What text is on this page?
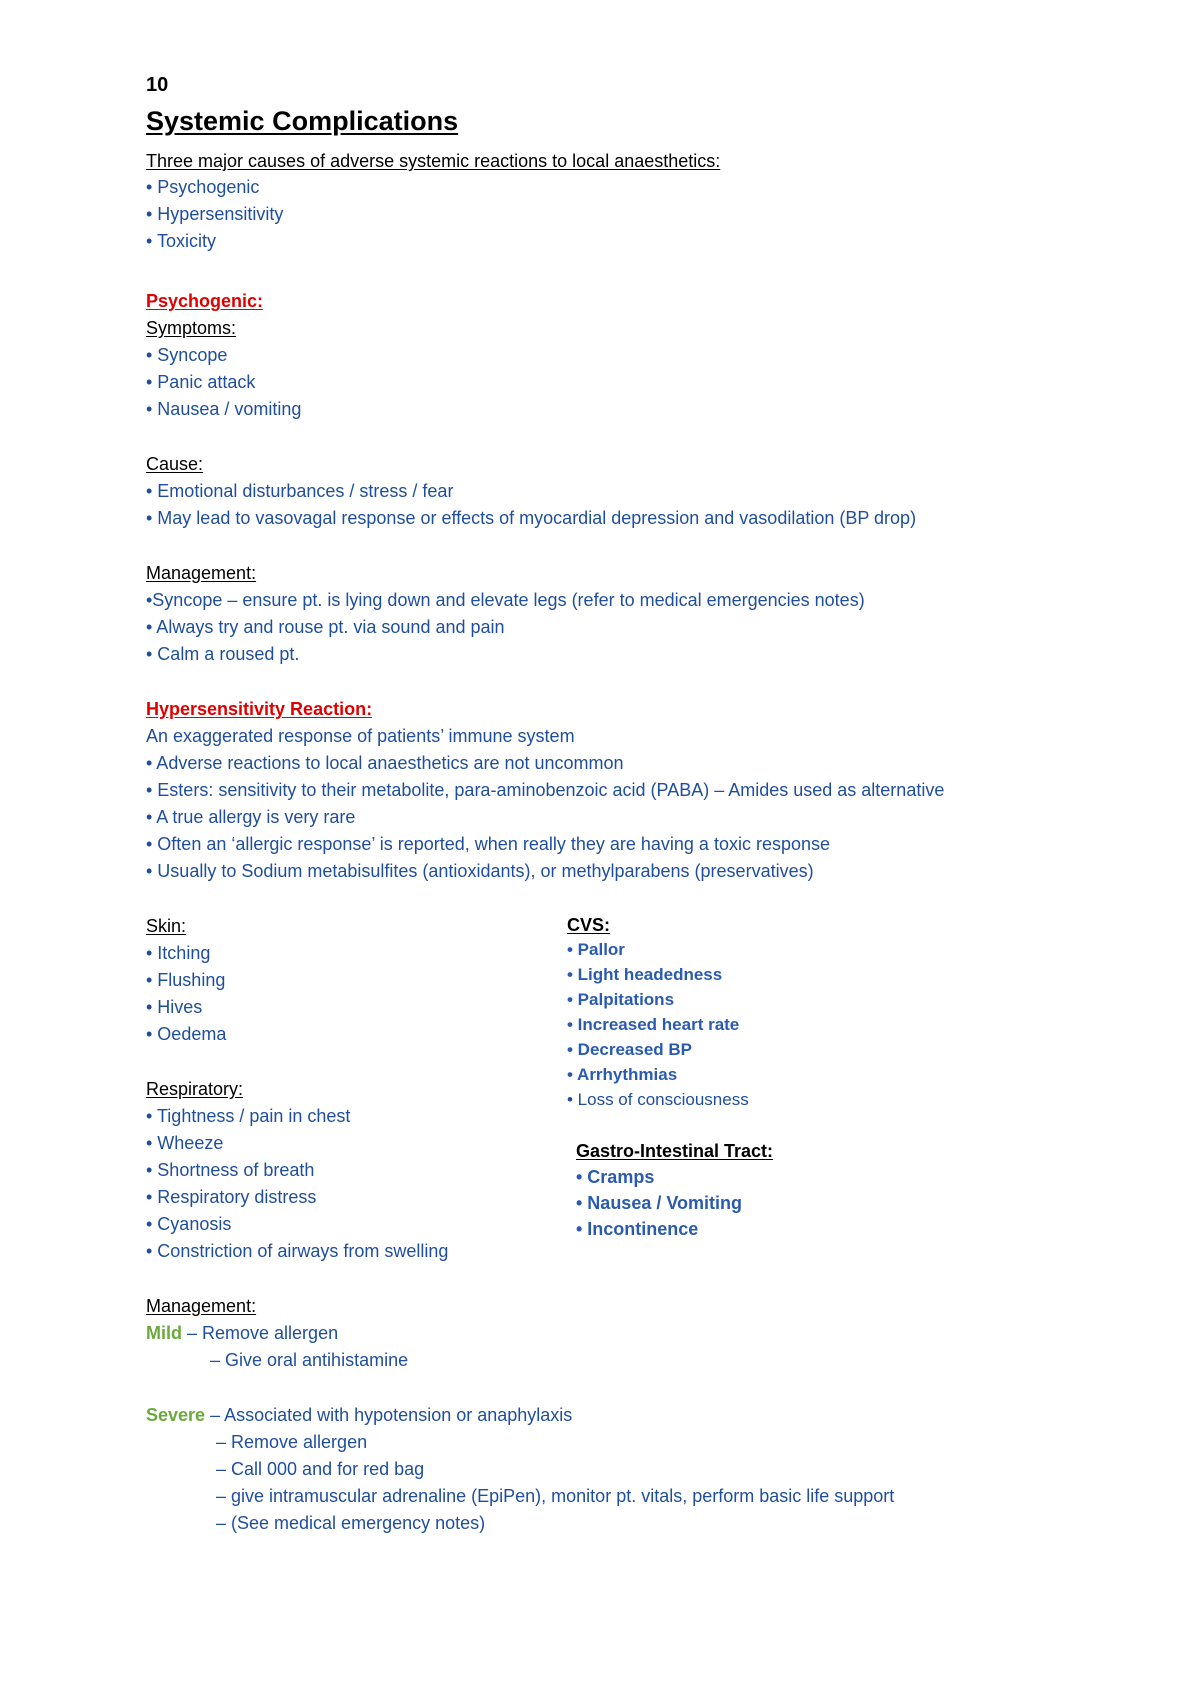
10
Systemic Complications
Three major causes of adverse systemic reactions to local anaesthetics:
• Psychogenic
• Hypersensitivity
• Toxicity
Psychogenic:
Symptoms:
• Syncope
• Panic attack
• Nausea / vomiting
Cause:
• Emotional disturbances / stress / fear
• May lead to vasovagal response or effects of myocardial depression and vasodilation (BP drop)
Management:
•Syncope – ensure pt. is lying down and elevate legs (refer to medical emergencies notes)
• Always try and rouse pt. via sound and pain
• Calm a roused pt.
Hypersensitivity Reaction:
An exaggerated response of patients’ immune system
• Adverse reactions to local anaesthetics are not uncommon
• Esters: sensitivity to their metabolite, para-aminobenzoic acid (PABA) – Amides used as alternative
• A true allergy is very rare
• Often an ‘allergic response’ is reported, when really they are having a toxic response
• Usually to Sodium metabisulfites (antioxidants), or methylparabens (preservatives)
Skin:
• Itching
• Flushing
• Hives
• Oedema
Respiratory:
• Tightness / pain in chest
• Wheeze
• Shortness of breath
• Respiratory distress
• Cyanosis
• Constriction of airways from swelling
CVS:
• Pallor
• Light headedness
• Palpitations
• Increased heart rate
• Decreased BP
• Arrhythmias
• Loss of consciousness
Gastro-Intestinal Tract:
• Cramps
• Nausea / Vomiting
• Incontinence
Management:
Mild – Remove allergen
– Give oral antihistamine
Severe – Associated with hypotension or anaphylaxis
– Remove allergen
– Call 000 and for red bag
– give intramuscular adrenaline (EpiPen), monitor pt. vitals, perform basic life support
– (See medical emergency notes)
